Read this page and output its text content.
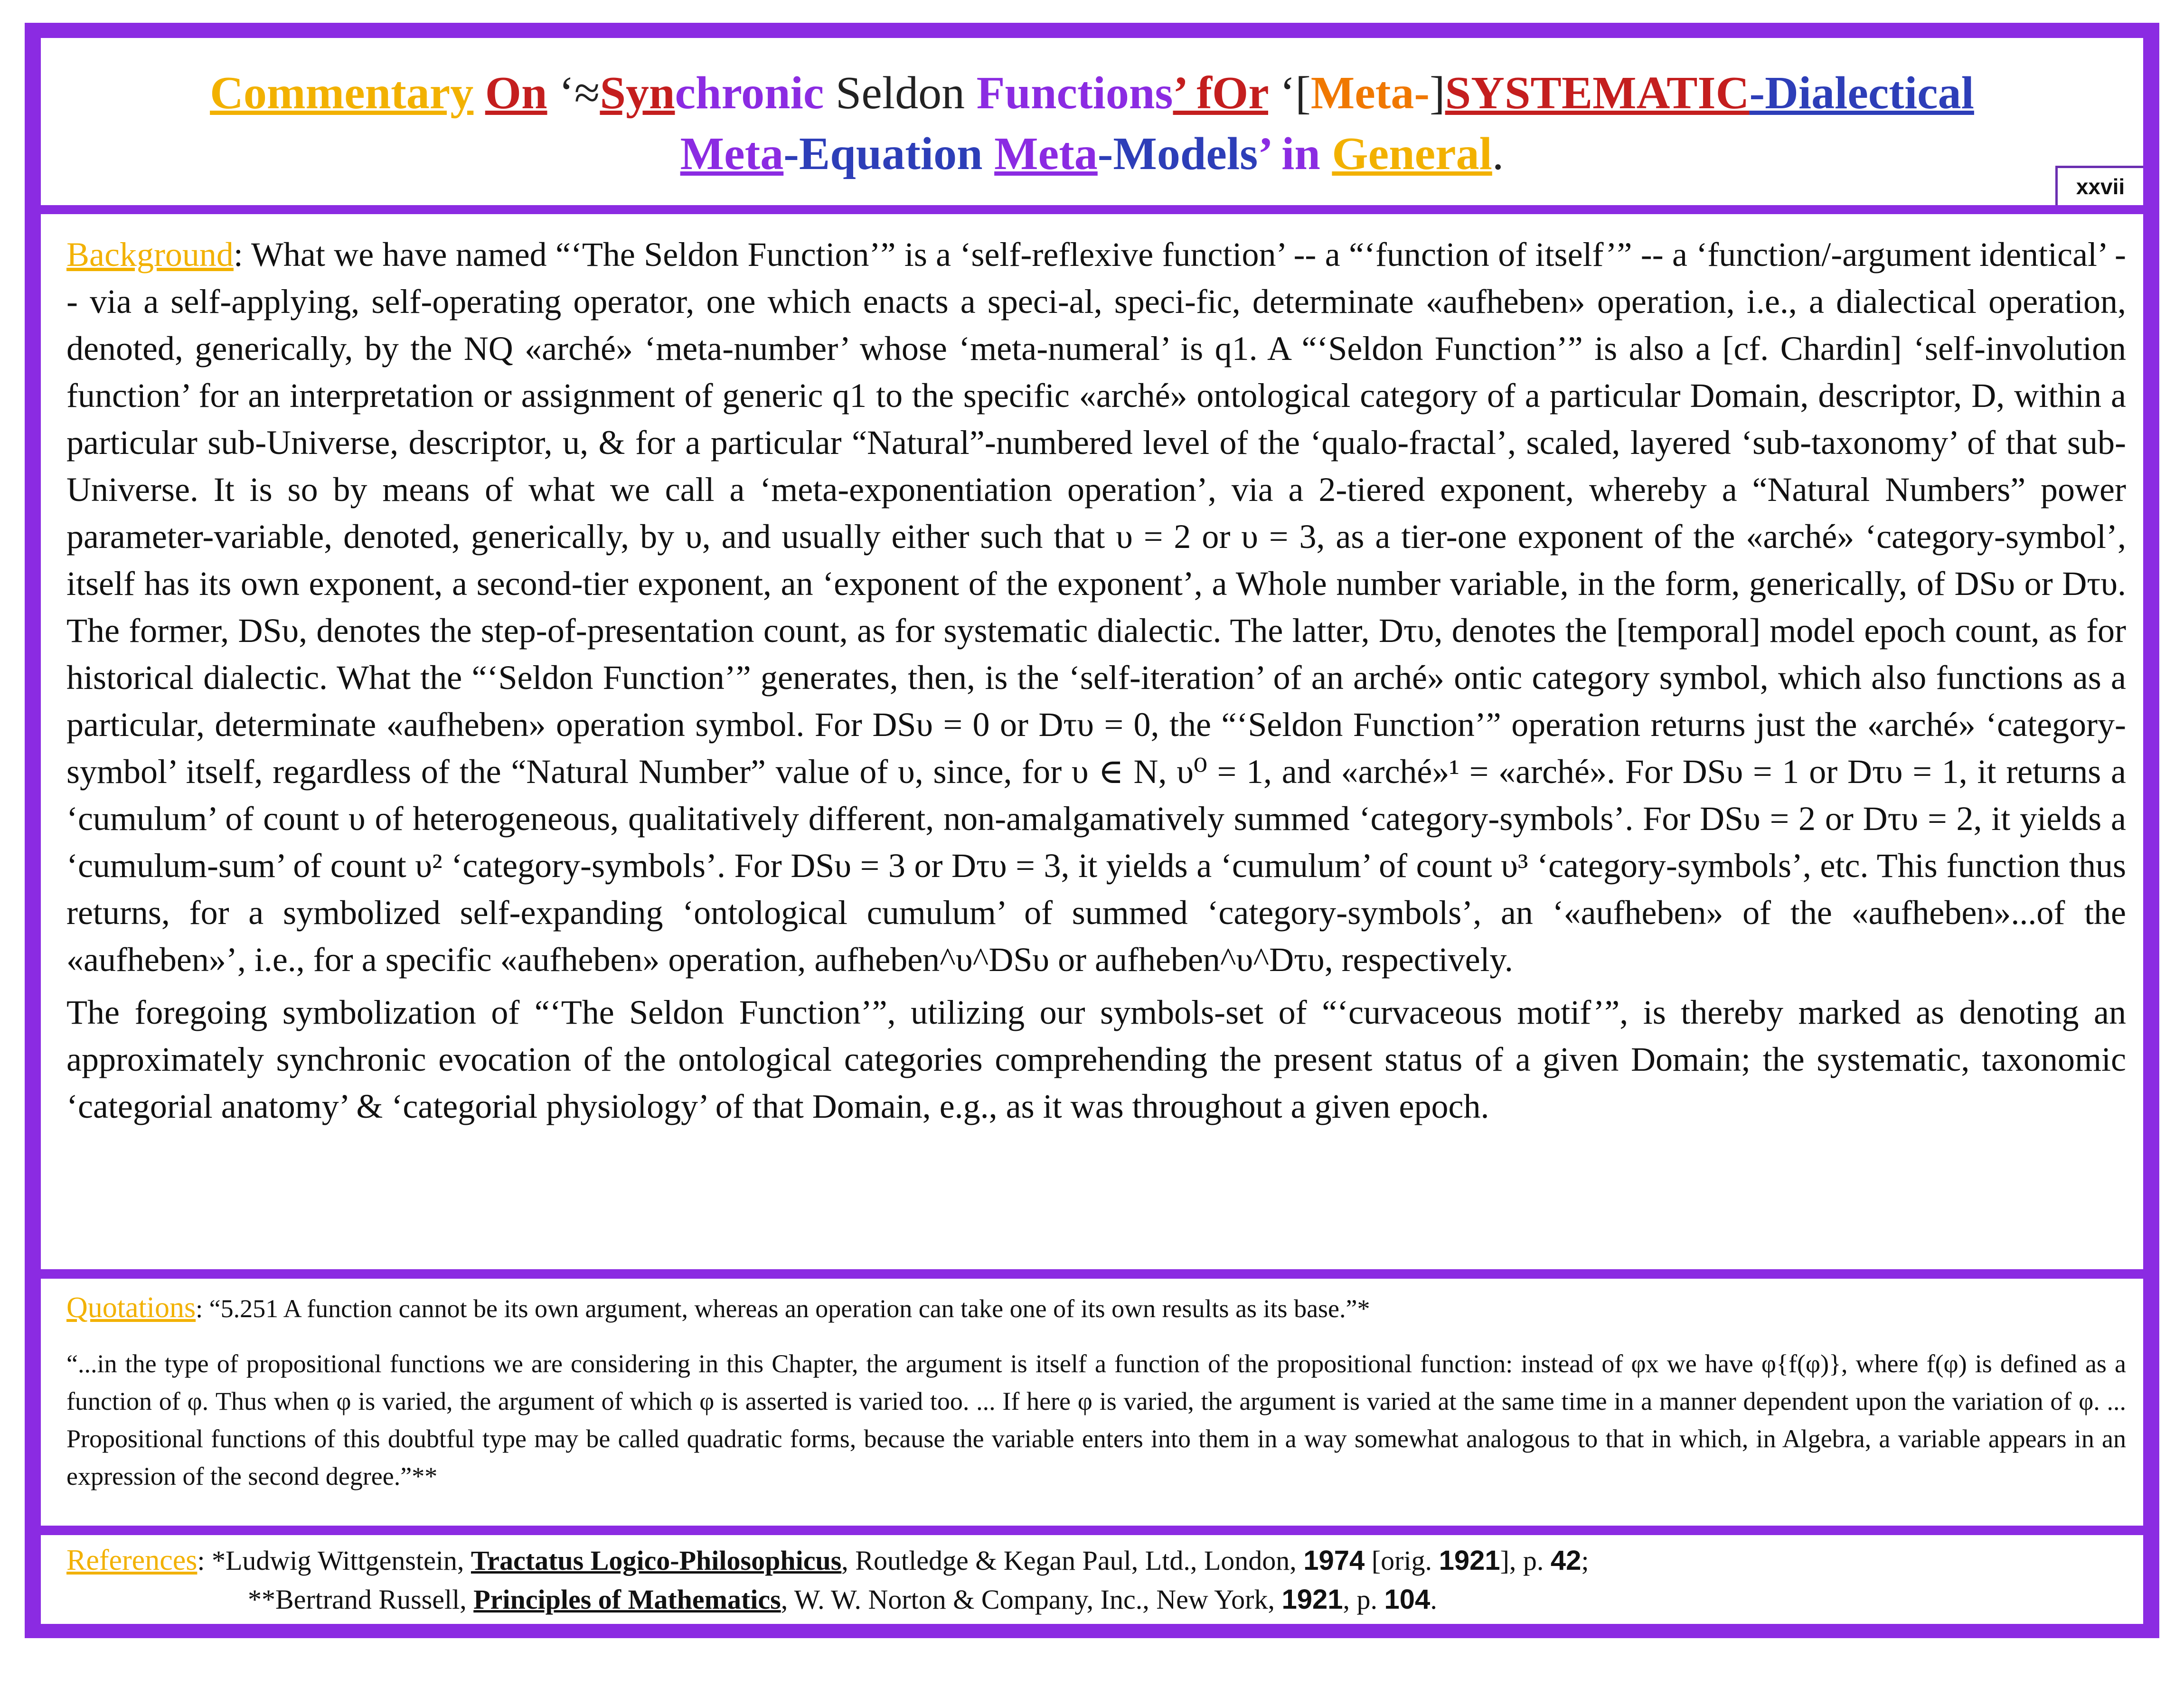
Commentary On ‘≈Synchronic Seldon Functions’ fOr ‘[Meta-]SYSTEMATIC-Dialectical
Meta-Equation Meta-Models’ in General.
xxvii
Background: What we have named “‘The Seldon Function’” is a ‘self-reflexive function’ -- a “‘function of itself’” -- a ‘function/-argument identical’ -- via a self-applying, self-operating operator, one which enacts a speci-al, speci-fic, determinate «aufheben» operation, i.e., a dialectical operation, denoted, generically, by the NQ «arché» ‘meta-number’ whose ‘meta-numeral’ is q1. A “‘Seldon Function’” is also a [cf. Chardin] ‘self-involution function’ for an interpretation or assignment of generic q1 to the specific «arché» ontological category of a particular Domain, descriptor, D, within a particular sub-Universe, descriptor, u, & for a particular “Natural”-numbered level of the ‘qualo-fractal’, scaled, layered ‘sub-taxonomy’ of that sub-Universe. It is so by means of what we call a ‘meta-exponentiation operation’, via a 2-tiered exponent, whereby a “Natural Numbers” power parameter-variable, denoted, generically, by υ, and usually either such that υ = 2 or υ = 3, as a tier-one exponent of the «arché» ‘category-symbol’, itself has its own exponent, a second-tier exponent, an ‘exponent of the exponent’, a Whole number variable, in the form, generically, of DSυ or Dτυ. The former, DSυ, denotes the step-of-presentation count, as for systematic dialectic. The latter, Dτυ, denotes the [temporal] model epoch count, as for historical dialectic. What the “‘Seldon Function’” generates, then, is the ‘self-iteration’ of an arché» ontic category symbol, which also functions as a particular, determinate «aufheben» operation symbol. For DSυ = 0 or Dτυ = 0, the “‘Seldon Function’” operation returns just the «arché» ‘category-symbol’ itself, regardless of the “Natural Number” value of υ, since, for υ ∈ N, υ⁰ = 1, and «arché»¹ = «arché». For DSυ = 1 or Dτυ = 1, it returns a ‘cumulum’ of count υ of heterogeneous, qualitatively different, non-amalgamatively summed ‘category-symbols’. For DSυ = 2 or Dτυ = 2, it yields a ‘cumulum-sum’ of count υ² ‘category-symbols’. For DSυ = 3 or Dτυ = 3, it yields a ‘cumulum’ of count υ³ ‘category-symbols’, etc. This function thus returns, for a symbolized self-expanding ‘ontological cumulum’ of summed ‘category-symbols’, an ‘«aufheben» of the «aufheben»...of the «aufheben»’, i.e., for a specific «aufheben» operation, aufheben^υ^DSυ or aufheben^υ^Dτυ, respectively.
The foregoing symbolization of “‘The Seldon Function’”, utilizing our symbols-set of “‘curvaceous motif’”, is thereby marked as denoting an approximately synchronic evocation of the ontological categories comprehending the present status of a given Domain; the systematic, taxonomic ‘categorial anatomy’ & ‘categorial physiology’ of that Domain, e.g., as it was throughout a given epoch.
Quotations: “5.251 A function cannot be its own argument, whereas an operation can take one of its own results as its base.”*
“...in the type of propositional functions we are considering in this Chapter, the argument is itself a function of the propositional function: instead of φx we have φ{f(φ)}, where f(φ) is defined as a function of φ. Thus when φ is varied, the argument of which φ is asserted is varied too. ... If here φ is varied, the argument is varied at the same time in a manner dependent upon the variation of φ. ... Propositional functions of this doubtful type may be called quadratic forms, because the variable enters into them in a way somewhat analogous to that in which, in Algebra, a variable appears in an expression of the second degree.”**
References: *Ludwig Wittgenstein, Tractatus Logico-Philosophicus, Routledge & Kegan Paul, Ltd., London, 1974 [orig. 1921], p. 42;
**Bertrand Russell, Principles of Mathematics, W. W. Norton & Company, Inc., New York, 1921, p. 104.
